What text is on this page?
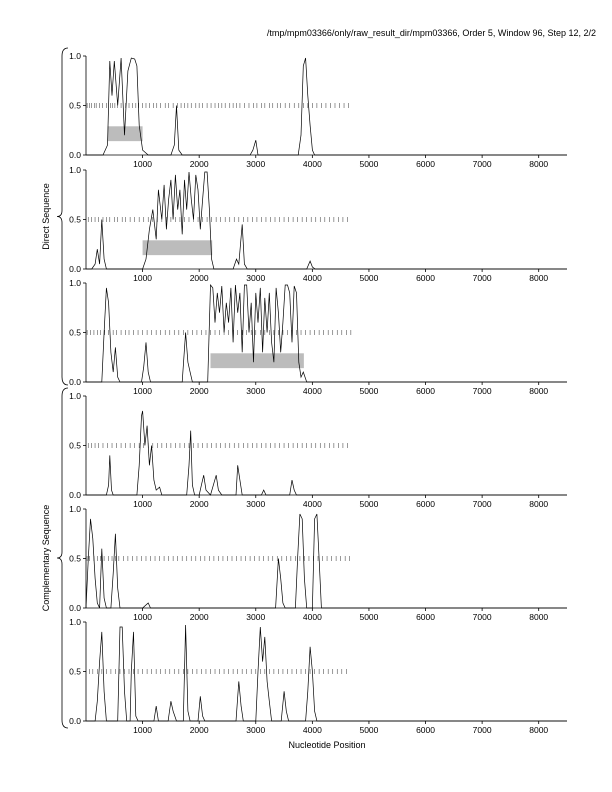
/tmp/mpm03366/only/raw_result_dir/mpm03366, Order 5, Window 96, Step 12, 2/2
0.0
0.5
1.0
1000	2000	3000	4000	5000	6000	7000	8000
0.0
0.5
1.0
1000	2000	3000	4000	5000	6000	7000	8000
0.0
0.5
1.0
1000	2000	3000	4000	5000	6000	7000	8000
0.0
0.5
1.0
1000	2000	3000	4000	5000	6000	7000	8000
0.0
0.5
1.0
1000	2000	3000	4000	5000	6000	7000	8000
0.0
0.5
1.0
1000	2000	3000	4000	5000	6000	7000	8000
Direct Sequence
Complementary Sequence
Nucleotide Position
